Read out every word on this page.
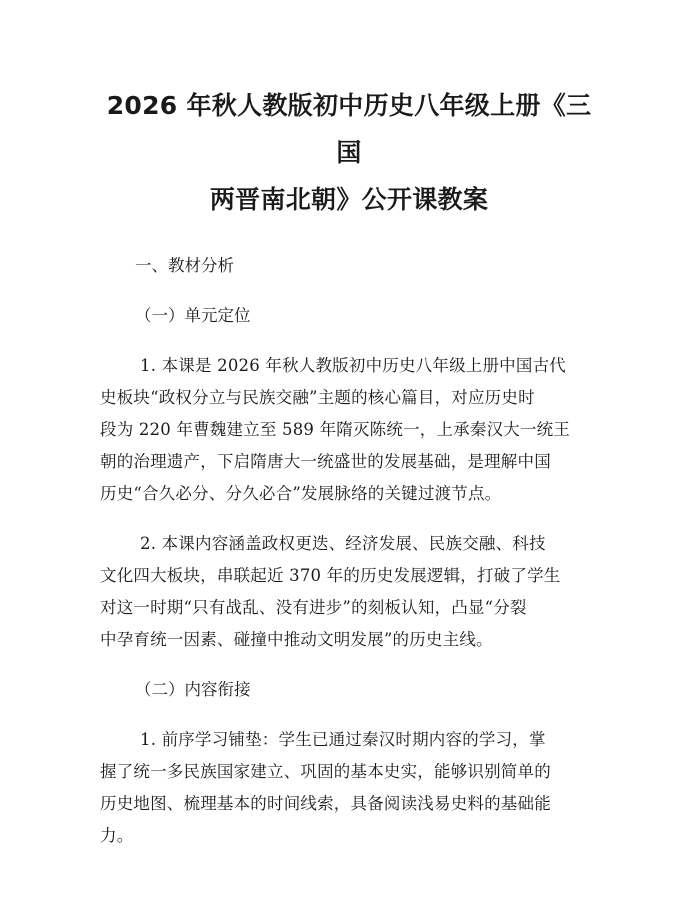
2026 年秋人教版初中历史八年级上册《三国
两晋南北朝》公开课教案
一、教材分析
（一）单元定位
1. 本课是 2026 年秋人教版初中历史八年级上册中国古代
史板块“政权分立与民族交融”主题的核心篇目，对应历史时
段为 220 年曹魏建立至 589 年隋灭陈统一，上承秦汉大一统王
朝的治理遗产，下启隋唐大一统盛世的发展基础，是理解中国
历史“合久必分、分久必合”发展脉络的关键过渡节点。
2. 本课内容涵盖政权更迭、经济发展、民族交融、科技
文化四大板块，串联起近 370 年的历史发展逻辑，打破了学生
对这一时期“只有战乱、没有进步”的刻板认知，凸显“分裂
中孕育统一因素、碰撞中推动文明发展”的历史主线。
（二）内容衔接
1. 前序学习铺垫：学生已通过秦汉时期内容的学习，掌
握了统一多民族国家建立、巩固的基本史实，能够识别简单的
历史地图、梳理基本的时间线索，具备阅读浅易史料的基础能
力。
